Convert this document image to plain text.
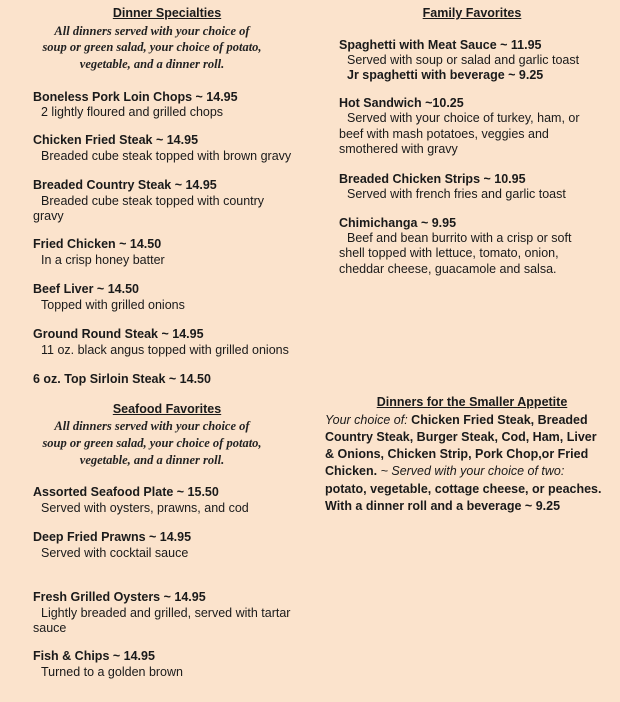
Dinner Specialties
All dinners served with your choice of
soup or green salad, your choice of potato,
vegetable, and a dinner roll.
Boneless Pork Loin Chops ~ 14.95
2 lightly floured and grilled chops
Chicken Fried Steak ~ 14.95
Breaded cube steak topped with brown gravy
Breaded Country Steak ~ 14.95
Breaded cube steak topped with country
gravy
Fried Chicken ~ 14.50
In a crisp honey batter
Beef Liver ~ 14.50
Topped with grilled onions
Ground Round Steak ~ 14.95
11 oz. black angus topped with grilled onions
6 oz. Top Sirloin Steak ~ 14.50
Seafood Favorites
All dinners served with your choice of
soup or green salad, your choice of potato,
vegetable, and a dinner roll.
Assorted Seafood Plate ~ 15.50
Served with oysters, prawns, and cod
Deep Fried Prawns ~ 14.95
Served with cocktail sauce
Fresh Grilled Oysters ~ 14.95
Lightly breaded and grilled, served with tartar
sauce
Fish & Chips ~ 14.95
Turned to a golden brown
Family Favorites
Spaghetti with Meat Sauce ~ 11.95
Served with soup or salad and garlic toast
Jr spaghetti with beverage ~ 9.25
Hot Sandwich ~10.25
Served with your choice of turkey, ham, or
beef with mash potatoes, veggies and
smothered with gravy
Breaded Chicken Strips ~ 10.95
Served with french fries and garlic toast
Chimichanga ~ 9.95
Beef and bean burrito with a crisp or soft
shell topped with lettuce, tomato, onion,
cheddar cheese, guacamole and salsa.
Dinners for the Smaller Appetite
Your choice of: Chicken Fried Steak, Breaded
Country Steak, Burger Steak, Cod, Ham, Liver
& Onions, Chicken Strip, Pork Chop,or Fried
Chicken. ~ Served with your choice of two:
potato, vegetable, cottage cheese, or peaches.
With a dinner roll and a beverage ~ 9.25
